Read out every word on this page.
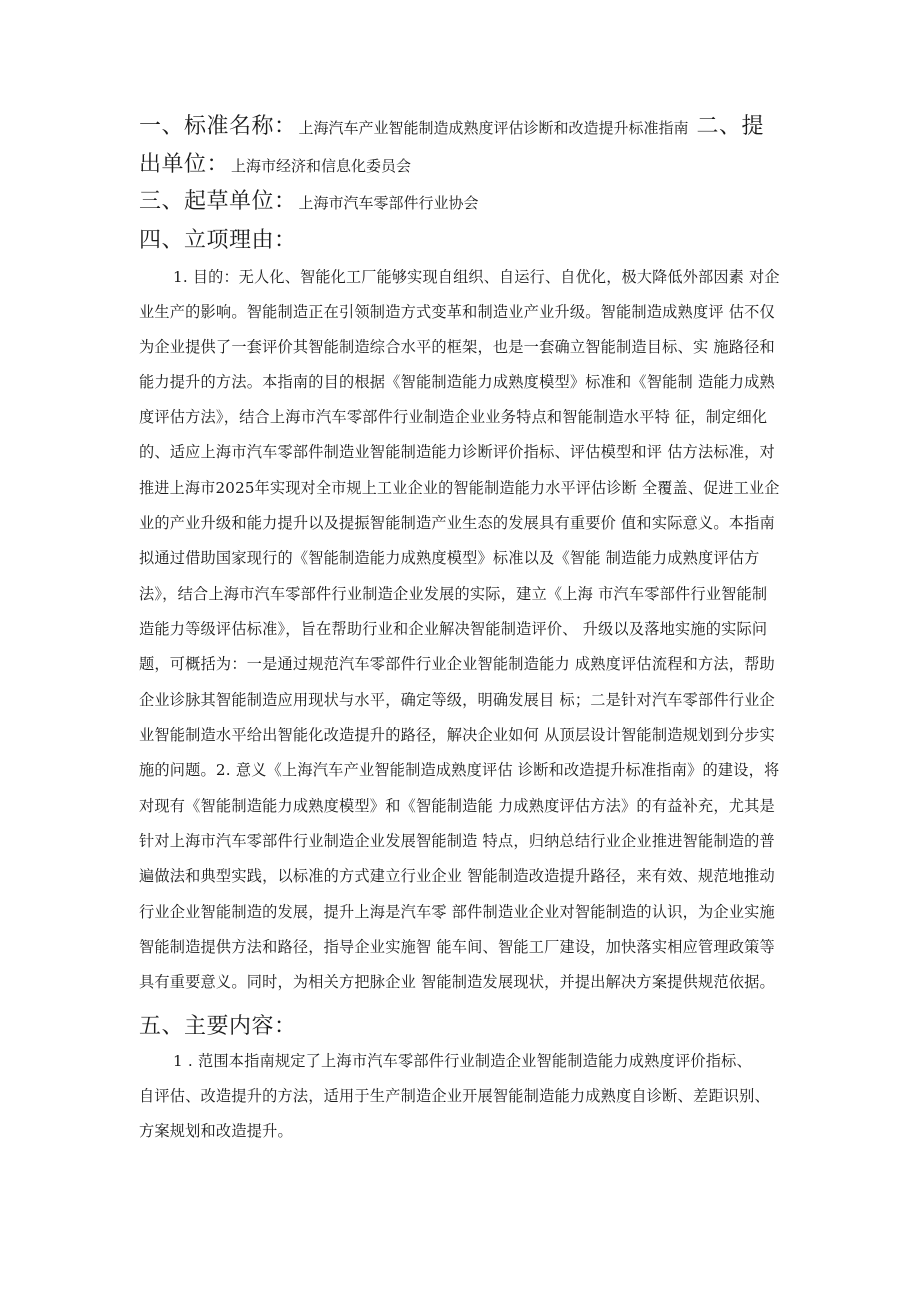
一、标准名称： 上海汽车产业智能制造成熟度评估诊断和改造提升标准指南 二、提
出单位： 上海市经济和信息化委员会
三、起草单位： 上海市汽车零部件行业协会
四、立项理由：
1. 目的：无人化、智能化工厂能够实现自组织、自运行、自优化，极大降低外部因素 对企
业生产的影响。智能制造正在引领制造方式变革和制造业产业升级。智能制造成熟度评 估不仅
为企业提供了一套评价其智能制造综合水平的框架，也是一套确立智能制造目标、实 施路径和
能力提升的方法。本指南的目的根据《智能制造能力成熟度模型》标准和《智能制 造能力成熟
度评估方法》，结合上海市汽车零部件行业制造企业业务特点和智能制造水平特 征，制定细化
的、适应上海市汽车零部件制造业智能制造能力诊断评价指标、评估模型和评 估方法标准，对
推进上海市2025年实现对全市规上工业企业的智能制造能力水平评估诊断 全覆盖、促进工业企
业的产业升级和能力提升以及提振智能制造产业生态的发展具有重要价 值和实际意义。本指南
拟通过借助国家现行的《智能制造能力成熟度模型》标准以及《智能 制造能力成熟度评估方
法》，结合上海市汽车零部件行业制造企业发展的实际，建立《上海 市汽车零部件行业智能制
造能力等级评估标准》，旨在帮助行业和企业解决智能制造评价、 升级以及落地实施的实际问
题，可概括为：一是通过规范汽车零部件行业企业智能制造能力 成熟度评估流程和方法，帮助
企业诊脉其智能制造应用现状与水平，确定等级，明确发展目 标；二是针对汽车零部件行业企
业智能制造水平给出智能化改造提升的路径，解决企业如何 从顶层设计智能制造规划到分步实
施的问题。2. 意义《上海汽车产业智能制造成熟度评估 诊断和改造提升标准指南》的建设，将
对现有《智能制造能力成熟度模型》和《智能制造能 力成熟度评估方法》的有益补充，尤其是
针对上海市汽车零部件行业制造企业发展智能制造 特点，归纳总结行业企业推进智能制造的普
遍做法和典型实践，以标准的方式建立行业企业 智能制造改造提升路径，来有效、规范地推动
行业企业智能制造的发展，提升上海是汽车零 部件制造业企业对智能制造的认识，为企业实施
智能制造提供方法和路径，指导企业实施智 能车间、智能工厂建设，加快落实相应管理政策等
具有重要意义。同时，为相关方把脉企业 智能制造发展现状，并提出解决方案提供规范依据。
五、主要内容：
1 . 范围本指南规定了上海市汽车零部件行业制造企业智能制造能力成熟度评价指标、
自评估、改造提升的方法，适用于生产制造企业开展智能制造能力成熟度自诊断、差距识别、
方案规划和改造提升。
